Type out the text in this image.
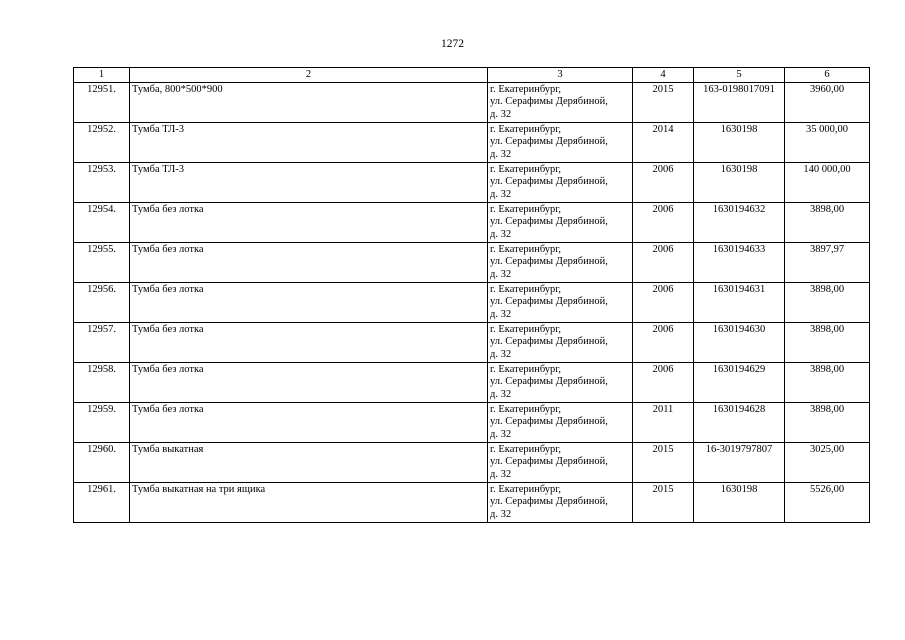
1272
1	2	3	4	5	6
12951.	Тумба, 800*500*900	г. Екатеринбург,
ул. Серафимы Дерябиной,
д. 32	2015	163-0198017091	3960,00
12952.	Тумба ТЛ-3	г. Екатеринбург,
ул. Серафимы Дерябиной,
д. 32	2014	1630198	35 000,00
12953.	Тумба ТЛ-3	г. Екатеринбург,
ул. Серафимы Дерябиной,
д. 32	2006	1630198	140 000,00
12954.	Тумба без лотка	г. Екатеринбург,
ул. Серафимы Дерябиной,
д. 32	2006	1630194632	3898,00
12955.	Тумба без лотка	г. Екатеринбург,
ул. Серафимы Дерябиной,
д. 32	2006	1630194633	3897,97
12956.	Тумба без лотка	г. Екатеринбург,
ул. Серафимы Дерябиной,
д. 32	2006	1630194631	3898,00
12957.	Тумба без лотка	г. Екатеринбург,
ул. Серафимы Дерябиной,
д. 32	2006	1630194630	3898,00
12958.	Тумба без лотка	г. Екатеринбург,
ул. Серафимы Дерябиной,
д. 32	2006	1630194629	3898,00
12959.	Тумба без лотка	г. Екатеринбург,
ул. Серафимы Дерябиной,
д. 32	2011	1630194628	3898,00
12960.	Тумба выкатная	г. Екатеринбург,
ул. Серафимы Дерябиной,
д. 32	2015	16-3019797807	3025,00
12961.	Тумба выкатная на три ящика	г. Екатеринбург,
ул. Серафимы Дерябиной,
д. 32	2015	1630198	5526,00
